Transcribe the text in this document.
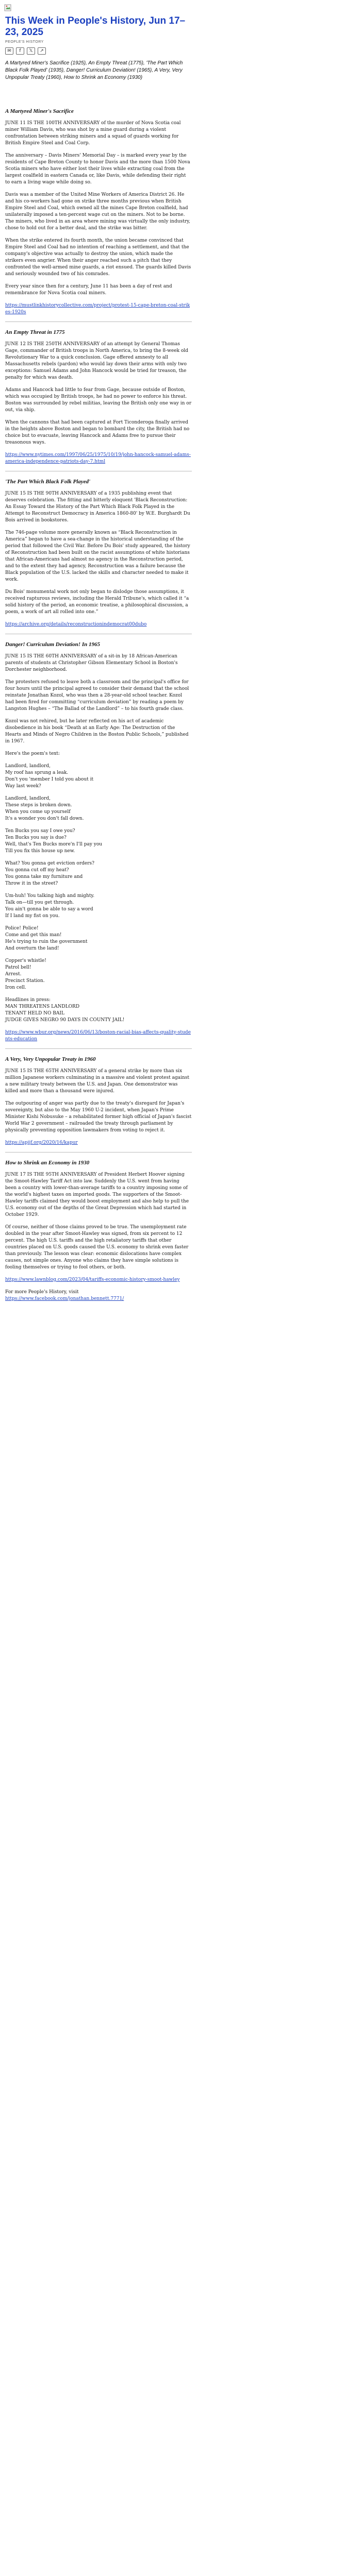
This Week in People's History, Jun 17–23, 2025
PEOPLE'S HISTORY
✉	f	𝕏	↗

A Martyred Miner's Sacrifice (1925), An Empty Threat (1775), 'The Part Which Black Folk Played' (1935), Danger! Curriculum Deviation! (1965), A Very, Very Unpopular Treaty (1960), How to Shrink an Economy (1930)

A Martyred Miner's Sacrifice

JUNE 11 IS THE 100TH ANNIVERSARY of the murder of Nova Scotia coal miner William Davis, who was shot by a mine guard during a violent confrontation between striking miners and a squad of guards working for British Empire Steel and Coal Corp.

The anniversary – Davis Miners' Memorial Day – is marked every year by the residents of Cape Breton County to honor Davis and the more than 1500 Nova Scotia miners who have either lost their lives while extracting coal from the largest coalfield in eastern Canada or, like Davis, while defending their right to earn a living wage while doing so.

Davis was a member of the United Mine Workers of America District 26. He and his co-workers had gone on strike three months previous when British Empire Steel and Coal, which owned all the mines Cape Breton coalfield, had unilaterally imposed a ten-percent wage cut on the miners. Not to be borne. The miners, who lived in an area where mining was virtually the only industry, chose to hold out for a better deal, and the strike was bitter.

When the strike entered its fourth month, the union became convinced that Empire Steel and Coal had no intention of reaching a settlement, and that the company's objective was actually to destroy the union, which made the strikers even angrier. When their anger reached such a pitch that they confronted the well-armed mine guards, a riot ensued. The guards killed Davis and seriously wounded two of his comrades.

Every year since then for a century, June 11 has been a day of rest and remembrance for Nova Scotia coal miners.

https://mustlinkhistorycollective.com/project/protest-15-cape-breton-coal-strikes-1920s

An Empty Threat in 1775

JUNE 12 IS THE 250TH ANNIVERSARY of an attempt by General Thomas Gage, commander of British troops in North America, to bring the 8-week old Revolutionary War to a quick conclusion. Gage offered amnesty to all Massachusetts rebels (pardon) who would lay down their arms with only two exceptions: Samuel Adams and John Hancock would be tried for treason, the penalty for which was death.

Adams and Hancock had little to fear from Gage, because outside of Boston, which was occupied by British troops, he had no power to enforce his threat. Boston was surrounded by rebel militias, leaving the British only one way in or out, via ship.

When the cannons that had been captured at Fort Ticonderoga finally arrived in the heights above Boston and began to bombard the city, the British had no choice but to evacuate, leaving Hancock and Adams free to pursue their treasonous ways.

https://www.nytimes.com/1997/06/25/1975/10/19/john-hancock-samuel-adams-america-independence-patriots-day-7.html

'The Part Which Black Folk Played'

JUNE 15 IS THE 90TH ANNIVERSARY of a 1935 publishing event that deserves celebration. The fitting and bitterly eloquent 'Black Reconstruction: An Essay Toward the History of the Part Which Black Folk Played in the Attempt to Reconstruct Democracy in America 1860-80' by W.E. Burghardt Du Bois arrived in bookstores.

The 746-page volume more generally known as “Black Reconstruction in America” began to have a sea-change in the historical understanding of the period that followed the Civil War. Before Du Bois' study appeared, the history of Reconstruction had been built on the racist assumptions of white historians that African-Americans had almost no agency in the Reconstruction period, and to the extent they had agency, Reconstruction was a failure because the Black population of the U.S. lacked the skills and character needed to make it work.

Du Bois' monumental work not only began to dislodge those assumptions, it received rapturous reviews, including the Herald Tribune's, which called it “a solid history of the period, an economic treatise, a philosophical discussion, a poem, a work of art all rolled into one.”

https://archive.org/details/reconstructionindemocrat00dubo

Danger! Curriculum Deviation! In 1965

JUNE 15 IS THE 60TH ANNIVERSARY of a sit-in by 18 African-American parents of students at Christopher Gibson Elementary School in Boston's Dorchester neighborhood.

The protesters refused to leave both a classroom and the principal's office for four hours until the principal agreed to consider their demand that the school reinstate Jonathan Kozol, who was then a 28-year-old school teacher. Kozol had been fired for committing “curriculum deviation” by reading a poem by Langston Hughes – “The Ballad of the Landlord” – to his fourth grade class.

Kozol was not rehired, but he later reflected on his act of academic disobedience in his book “Death at an Early Age: The Destruction of the Hearts and Minds of Negro Children in the Boston Public Schools,” published in 1967.

Here's the poem's text:

Landlord, landlord,
My roof has sprung a leak.
Don't you 'member I told you about it
Way last week?

Landlord, landlord,
These steps is broken down.
When you come up yourself
It's a wonder you don't fall down.

Ten Bucks you say I owe you?
Ten Bucks you say is due?
Well, that's Ten Bucks more'n I'll pay you
Till you fix this house up new.

What? You gonna get eviction orders?
You gonna cut off my heat?
You gonna take my furniture and
Throw it in the street?

Um-huh! You talking high and mighty.
Talk on—till you get through.
You ain't gonna be able to say a word
If I land my fist on you.

Police! Police!
Come and get this man!
He's trying to ruin the government
And overturn the land!

Copper's whistle!
Patrol bell!
Arrest.
Precinct Station.
Iron cell.

Headlines in press:
MAN THREATENS LANDLORD
TENANT HELD NO BAIL
JUDGE GIVES NEGRO 90 DAYS IN COUNTY JAIL!

https://www.wbur.org/news/2016/06/13/boston-racial-bias-affects-quality-students-education

A Very, Very Unpopular Treaty in 1960

JUNE 15 IS THE 65TH ANNIVERSARY of a general strike by more than six million Japanese workers culminating in a massive and violent protest against a new military treaty between the U.S. and Japan. One demonstrator was killed and more than a thousand were injured.

The outpouring of anger was partly due to the treaty's disregard for Japan's sovereignty, but also to the May 1960 U-2 incident, when Japan's Prime Minister Kishi Nobusuke – a rehabilitated former high official of Japan's fascist World War 2 government – railroaded the treaty through parliament by physically preventing opposition lawmakers from voting to reject it.

https://apjjf.org/2020/16/kapur

How to Shrink an Economy in 1930

JUNE 17 IS THE 95TH ANNIVERSARY of President Herbert Hoover signing the Smoot-Hawley Tariff Act into law. Suddenly the U.S. went from having been a country with lower-than-average tariffs to a country imposing some of the world's highest taxes on imported goods. The supporters of the Smoot-Hawley tariffs claimed they would boost employment and also help to pull the U.S. economy out of the depths of the Great Depression which had started in October 1929.

Of course, neither of those claims proved to be true. The unemployment rate doubled in the year after Smoot-Hawley was signed, from six percent to 12 percent. The high U.S. tariffs and the high retaliatory tariffs that other countries placed on U.S. goods caused the U.S. economy to shrink even faster than previously. The lesson was clear: economic dislocations have complex causes, not simple ones. Anyone who claims they have simple solutions is fooling themselves or trying to fool others, or both.

https://www.lawnblog.com/2023/04/tariffs-economic-history-smoot-hawley

For more People's History, visit
https://www.facebook.com/jonathan.bennett.7771/
